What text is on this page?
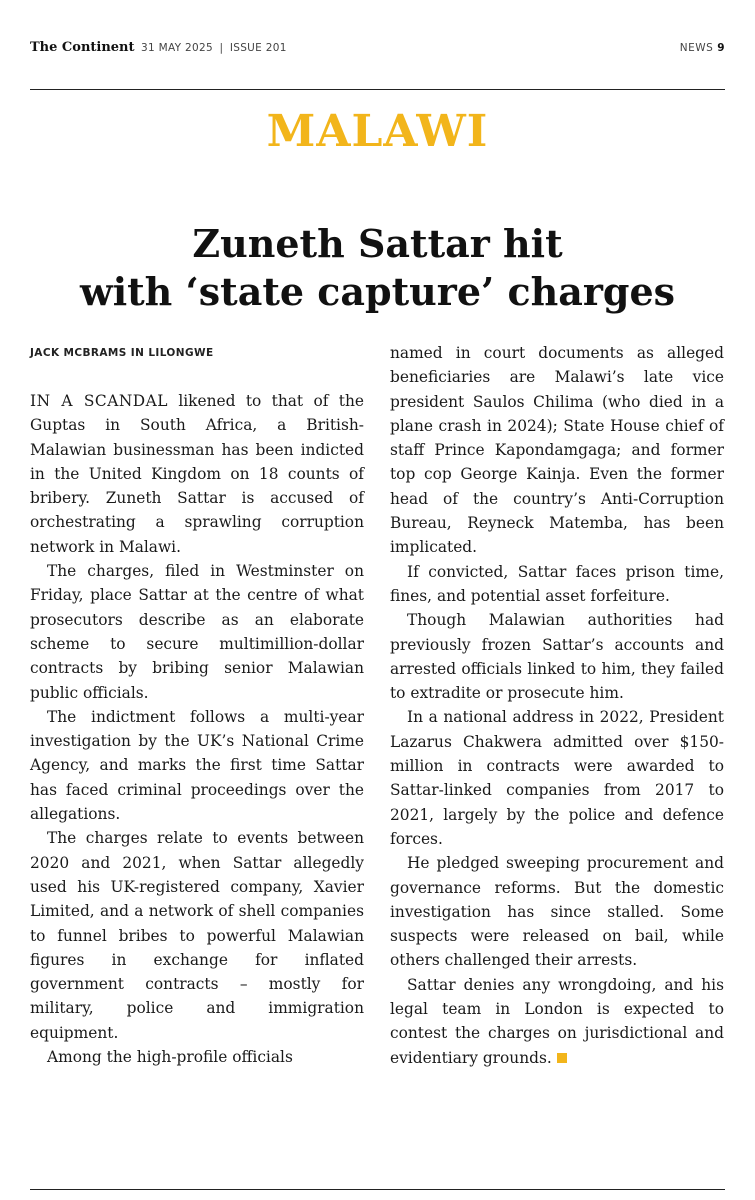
The Continent 31 MAY 2025 | ISSUE 201	NEWS 9
MALAWI
Zuneth Sattar hit
with ‘state capture’ charges
JACK MCBRAMS IN LILONGWE

IN A SCANDAL likened to that of the Guptas in South Africa, a British-Malawian businessman has been indicted in the United Kingdom on 18 counts of bribery. Zuneth Sattar is accused of orchestrating a sprawling corruption network in Malawi.

The charges, filed in Westminster on Friday, place Sattar at the centre of what prosecutors describe as an elaborate scheme to secure multimillion-dollar contracts by bribing senior Malawian public officials.

The indictment follows a multi-year investigation by the UK’s National Crime Agency, and marks the first time Sattar has faced criminal proceedings over the allegations.

The charges relate to events between 2020 and 2021, when Sattar allegedly used his UK-registered company, Xavier Limited, and a network of shell companies to funnel bribes to powerful Malawian figures in exchange for inflated government contracts – mostly for military, police and immigration equipment.

Among the high-profile officials

named in court documents as alleged beneficiaries are Malawi’s late vice president Saulos Chilima (who died in a plane crash in 2024); State House chief of staff Prince Kapondamgaga; and former top cop George Kainja. Even the former head of the country’s Anti-Corruption Bureau, Reyneck Matemba, has been implicated.

If convicted, Sattar faces prison time, fines, and potential asset forfeiture.

Though Malawian authorities had previously frozen Sattar’s accounts and arrested officials linked to him, they failed to extradite or prosecute him.

In a national address in 2022, President Lazarus Chakwera admitted over $150-million in contracts were awarded to Sattar-linked companies from 2017 to 2021, largely by the police and defence forces.

He pledged sweeping procurement and governance reforms. But the domestic investigation has since stalled. Some suspects were released on bail, while others challenged their arrests.

Sattar denies any wrongdoing, and his legal team in London is expected to contest the charges on jurisdictional and evidentiary grounds.
